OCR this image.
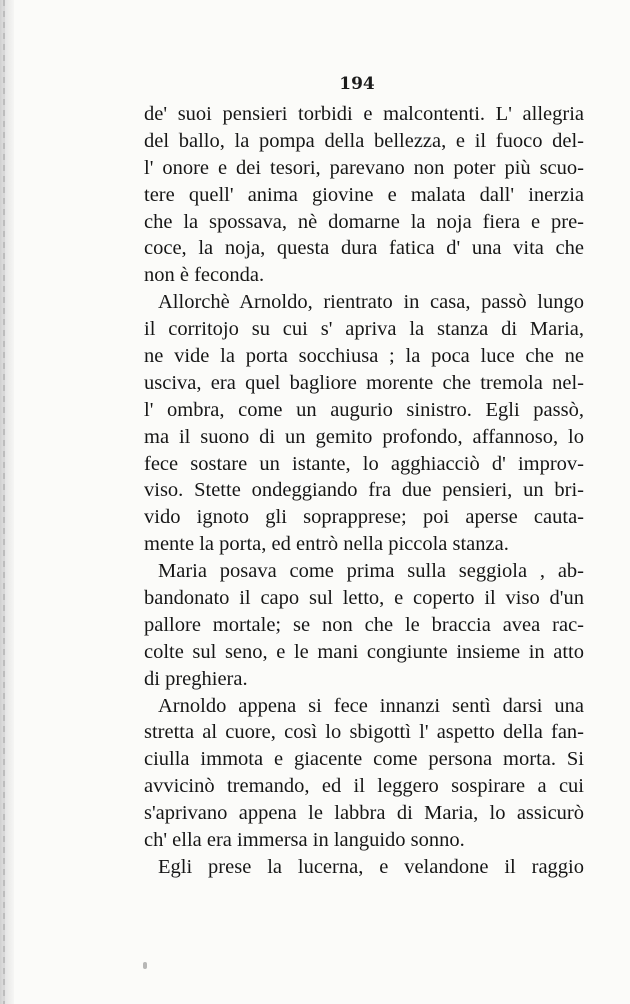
194
de' suoi pensieri torbidi e malcontenti. L' allegria
del ballo, la pompa della bellezza, e il fuoco del-
l' onore e dei tesori, parevano non poter più scuo-
tere quell' anima giovine e malata dall' inerzia
che la spossava, nè domarne la noja fiera e pre-
coce, la noja, questa dura fatica d' una vita che
non è feconda.
Allorchè Arnoldo, rientrato in casa, passò lungo
il corritojo su cui s' apriva la stanza di Maria,
ne vide la porta socchiusa ; la poca luce che ne
usciva, era quel bagliore morente che tremola nel-
l' ombra, come un augurio sinistro. Egli passò,
ma il suono di un gemito profondo, affannoso, lo
fece sostare un istante, lo agghiacciò d' improv-
viso. Stette ondeggiando fra due pensieri, un bri-
vido ignoto gli soprapprese; poi aperse cauta-
mente la porta, ed entrò nella piccola stanza.
Maria posava come prima sulla seggiola , ab-
bandonato il capo sul letto, e coperto il viso d'un
pallore mortale; se non che le braccia avea rac-
colte sul seno, e le mani congiunte insieme in atto
di preghiera.
Arnoldo appena si fece innanzi sentì darsi una
stretta al cuore, così lo sbigottì l' aspetto della fan-
ciulla immota e giacente come persona morta. Si
avvicinò tremando, ed il leggero sospirare a cui
s'aprivano appena le labbra di Maria, lo assicurò
ch' ella era immersa in languido sonno.
Egli prese la lucerna, e velandone il raggio
